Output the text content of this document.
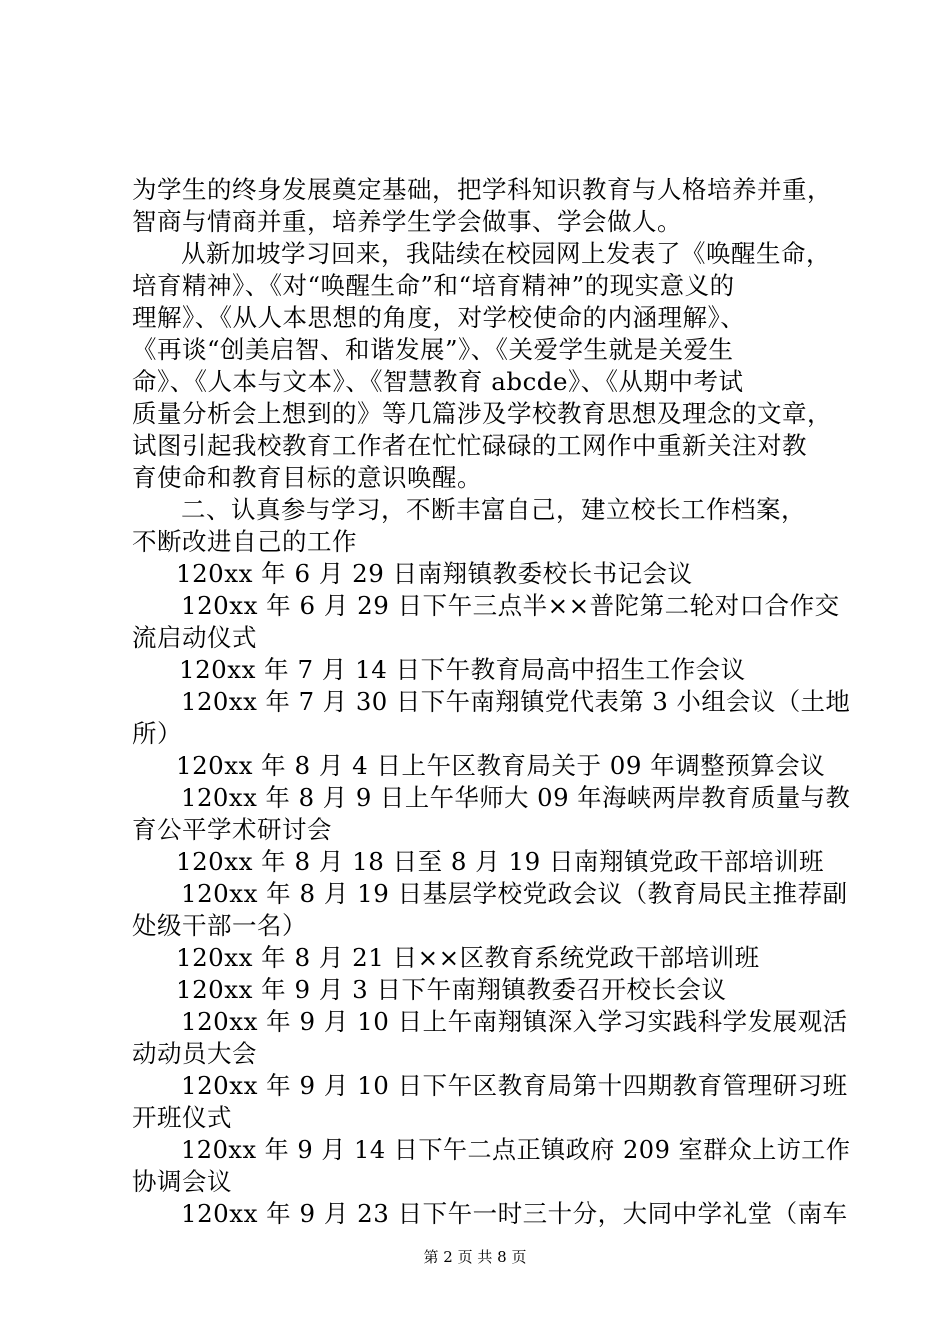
为学生的终身发展奠定基础，把学科知识教育与人格培养并重，
智商与情商并重，培养学生学会做事、学会做人。
从新加坡学习回来，我陆续在校园网上发表了《唤醒生命，
培育精神》、《对“唤醒生命”和“培育精神”的现实意义的
理解》、《从人本思想的角度，对学校使命的内涵理解》、
《再谈“创美启智、和谐发展”》、《关爱学生就是关爱生
命》、《人本与文本》、《智慧教育 abcde》、《从期中考试
质量分析会上想到的》等几篇涉及学校教育思想及理念的文章，
试图引起我校教育工作者在忙忙碌碌的工网作中重新关注对教
育使命和教育目标的意识唤醒。
二、认真参与学习，不断丰富自己，建立校长工作档案，
不断改进自己的工作
120xx 年 6 月 29 日南翔镇教委校长书记会议
120xx 年 6 月 29 日下午三点半××普陀第二轮对口合作交
流启动仪式
120xx 年 7 月 14 日下午教育局高中招生工作会议
120xx 年 7 月 30 日下午南翔镇党代表第 3 小组会议（土地
所）
120xx 年 8 月 4 日上午区教育局关于 09 年调整预算会议
120xx 年 8 月 9 日上午华师大 09 年海峡两岸教育质量与教
育公平学术研讨会
120xx 年 8 月 18 日至 8 月 19 日南翔镇党政干部培训班
120xx 年 8 月 19 日基层学校党政会议（教育局民主推荐副
处级干部一名）
120xx 年 8 月 21 日××区教育系统党政干部培训班
120xx 年 9 月 3 日下午南翔镇教委召开校长会议
120xx 年 9 月 10 日上午南翔镇深入学习实践科学发展观活
动动员大会
120xx 年 9 月 10 日下午区教育局第十四期教育管理研习班
开班仪式
120xx 年 9 月 14 日下午二点正镇政府 209 室群众上访工作
协调会议
120xx 年 9 月 23 日下午一时三十分，大同中学礼堂（南车
第 2 页 共 8 页
